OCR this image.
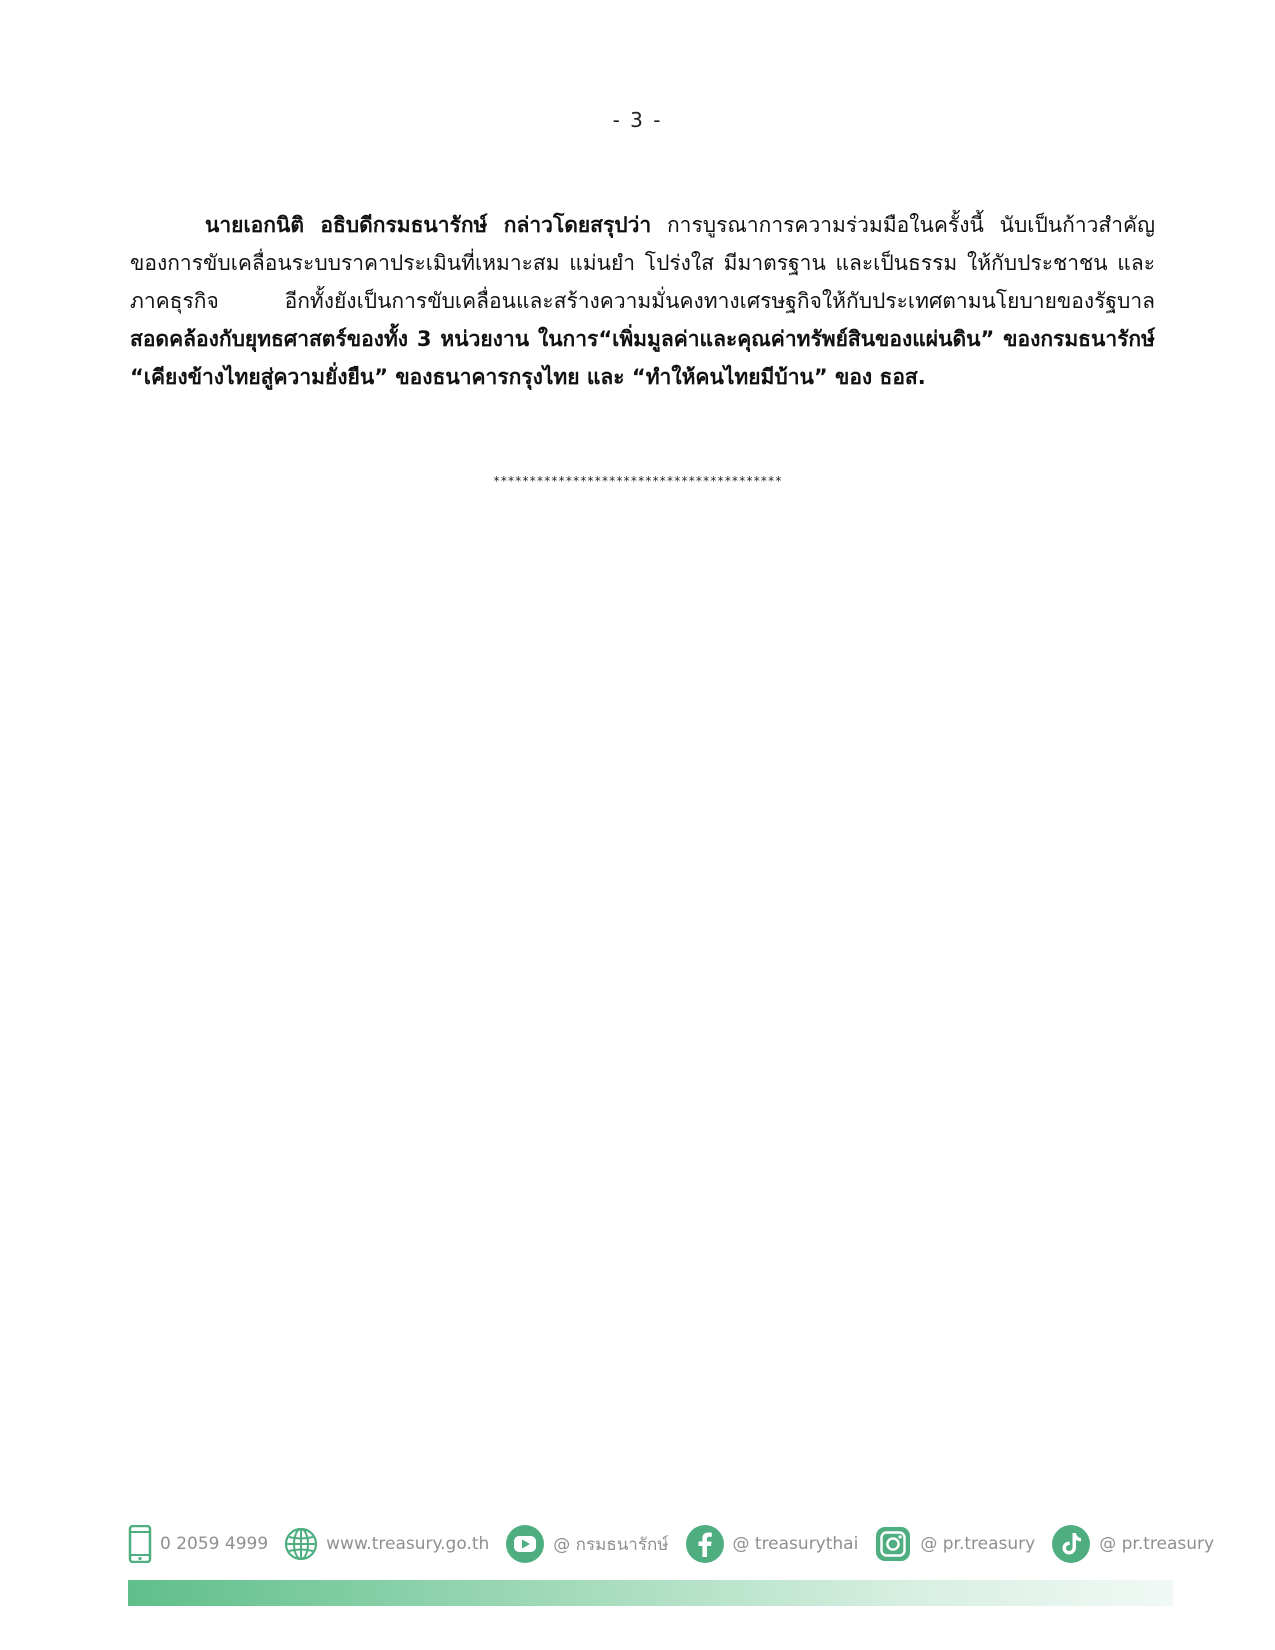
- 3 -
นายเอกนิติ อธิบดีกรมธนารักษ์ กล่าวโดยสรุปว่า การบูรณาการความร่วมมือในครั้งนี้ นับเป็นก้าวสำคัญของการขับเคลื่อนระบบราคาประเมินที่เหมาะสม แม่นยำ โปร่งใส มีมาตรฐาน และเป็นธรรม ให้กับประชาชน และภาคธุรกิจ อีกทั้งยังเป็นการขับเคลื่อนและสร้างความมั่นคงทางเศรษฐกิจให้กับประเทศตามนโยบายของรัฐบาล สอดคล้องกับยุทธศาสตร์ของทั้ง 3 หน่วยงาน ในการ“เพิ่มมูลค่าและคุณค่าทรัพย์สินของแผ่นดิน” ของกรมธนารักษ์ “เคียงข้างไทยสู่ความยั่งยืน” ของธนาคารกรุงไทย และ “ทำให้คนไทยมีบ้าน” ของ ธอส.
****************************************
0 2059 4999	www.treasury.go.th	@ กรมธนารักษ์	@ treasurythai	@ pr.treasury	@ pr.treasury
